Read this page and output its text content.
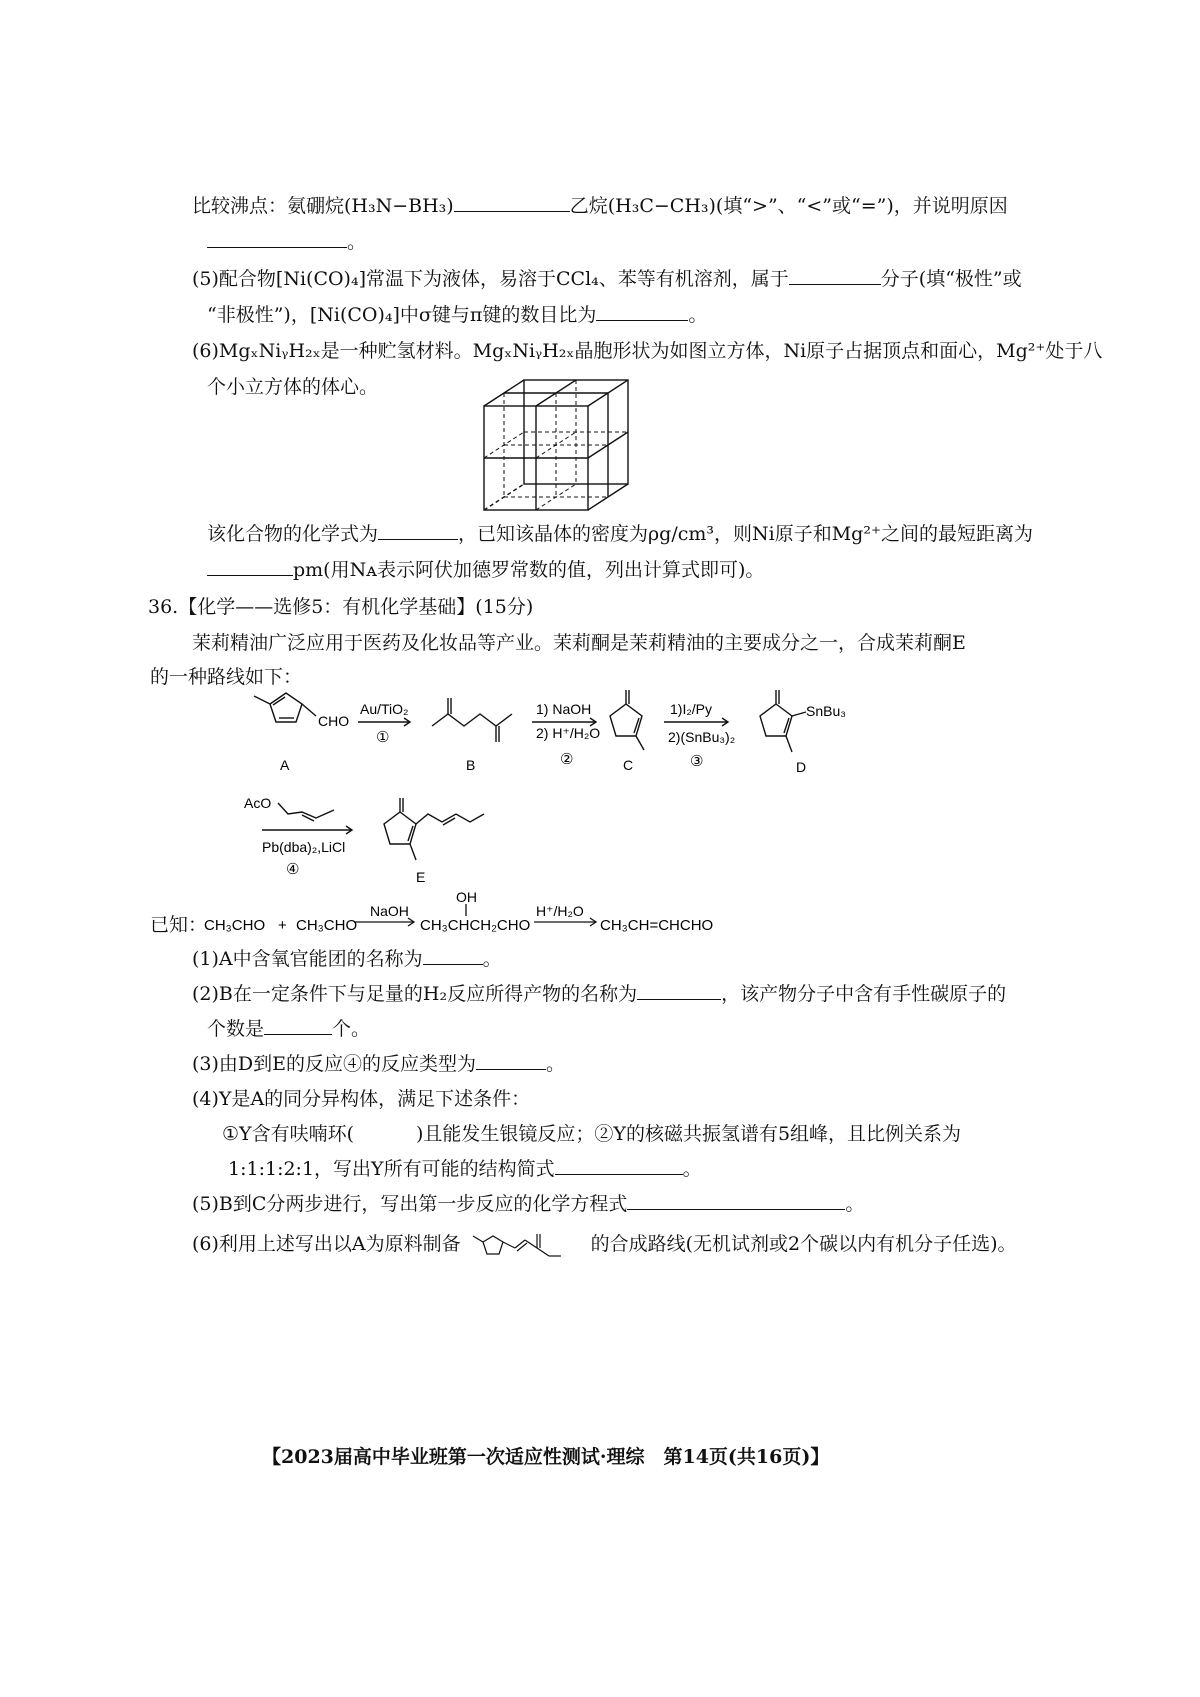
比较沸点：氨硼烷(H₃N−BH₃)	乙烷(H₃C−CH₃)(填“>”、“<”或“=”)，并说明原因
。
(5)配合物[Ni(CO)₄]常温下为液体，易溶于CCl₄、苯等有机溶剂，属于	分子(填“极性”或
“非极性”)，[Ni(CO)₄]中σ键与π键的数目比为	。
(6)MgₓNiᵧH₂ₓ是一种贮氢材料。MgₓNiᵧH₂ₓ晶胞形状为如图立方体，Ni原子占据顶点和面心，Mg²⁺处于八
个小立方体的体心。
该化合物的化学式为	，已知该晶体的密度为ρg/cm³，则Ni原子和Mg²⁺之间的最短距离为
pm(用Nᴀ表示阿伏加德罗常数的值，列出计算式即可)。
36.【化学——选修5：有机化学基础】(15分)
茉莉精油广泛应用于医药及化妆品等产业。茉莉酮是茉莉精油的主要成分之一，合成茉莉酮E
的一种路线如下：
CHO
Au/TiO₂
①
1) NaOH
2) H⁺/H₂O
②
1)I₂/Py
2)(SnBu₃)₂
③
SnBu₃
A	B	C	D
AcO
Pb(dba)₂,LiCl
④	E
已知：
CH₃CHO + CH₃CHO
NaOH
OH
CH₃CHCH₂CHO
H⁺/H₂O
CH₃CH=CHCHO
(1)A中含氧官能团的名称为	。
(2)B在一定条件下与足量的H₂反应所得产物的名称为	，该产物分子中含有手性碳原子的
个数是	个。
(3)由D到E的反应④的反应类型为	。
(4)Y是A的同分异构体，满足下述条件：
①Y含有呋喃环(	)且能发生银镜反应；②Y的核磁共振氢谱有5组峰，且比例关系为
1:1:1:2:1，写出Y所有可能的结构简式	。
(5)B到C分两步进行，写出第一步反应的化学方程式	。
(6)利用上述写出以A为原料制备	的合成路线(无机试剂或2个碳以内有机分子任选)。
【2023届高中毕业班第一次适应性测试·理综　第14页(共16页)】
